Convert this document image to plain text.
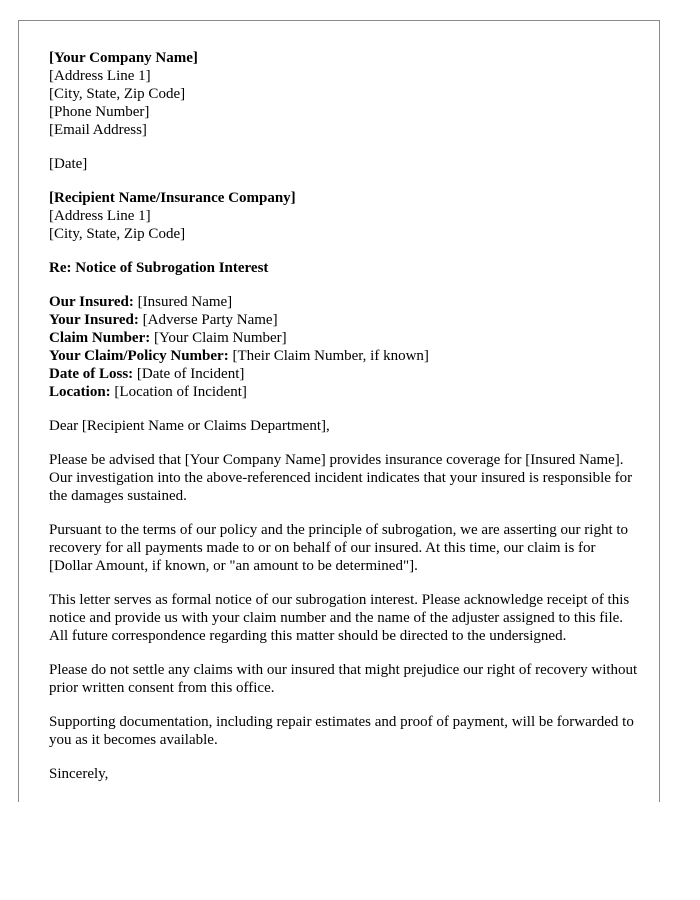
[Your Company Name]
[Address Line 1]
[City, State, Zip Code]
[Phone Number]
[Email Address]
[Date]
[Recipient Name/Insurance Company]
[Address Line 1]
[City, State, Zip Code]
Re: Notice of Subrogation Interest
Our Insured: [Insured Name]
Your Insured: [Adverse Party Name]
Claim Number: [Your Claim Number]
Your Claim/Policy Number: [Their Claim Number, if known]
Date of Loss: [Date of Incident]
Location: [Location of Incident]

Dear [Recipient Name or Claims Department],

Please be advised that [Your Company Name] provides insurance coverage for [Insured Name]. Our investigation into the above-referenced incident indicates that your insured is responsible for the damages sustained.

Pursuant to the terms of our policy and the principle of subrogation, we are asserting our right to recovery for all payments made to or on behalf of our insured. At this time, our claim is for [Dollar Amount, if known, or "an amount to be determined"].

This letter serves as formal notice of our subrogation interest. Please acknowledge receipt of this notice and provide us with your claim number and the name of the adjuster assigned to this file. All future correspondence regarding this matter should be directed to the undersigned.

Please do not settle any claims with our insured that might prejudice our right of recovery without prior written consent from this office.

Supporting documentation, including repair estimates and proof of payment, will be forwarded to you as it becomes available.

Sincerely,
